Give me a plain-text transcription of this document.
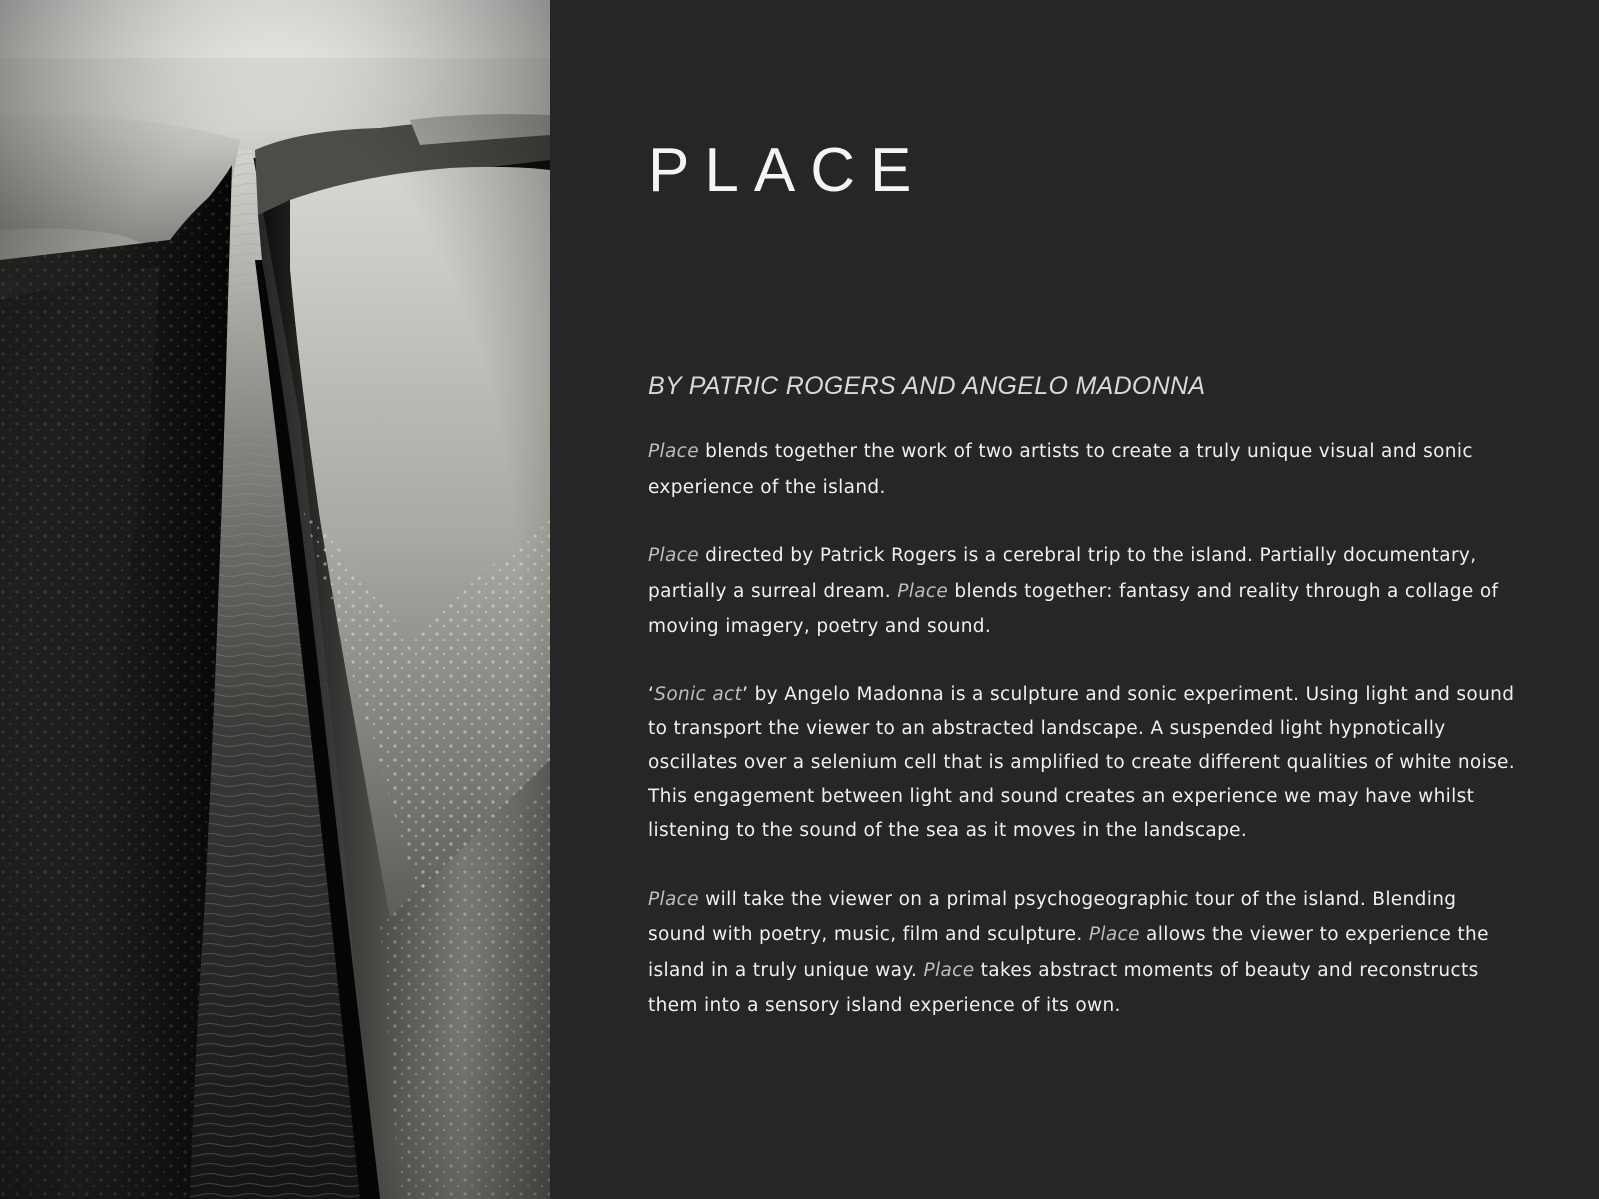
PLACE
BY PATRIC ROGERS AND ANGELO MADONNA

Place blends together the work of two artists to create a truly unique visual and sonic experience of the island.

Place directed by Patrick Rogers is a cerebral trip to the island. Partially documentary, partially a surreal dream. Place blends together: fantasy and reality through a collage of moving imagery, poetry and sound.

‘Sonic act’ by Angelo Madonna is a sculpture and sonic experiment. Using light and sound to transport the viewer to an abstracted landscape. A suspended light hypnotically oscillates over a selenium cell that is amplified to create different qualities of white noise. This engagement between light and sound creates an experience we may have whilst listening to the sound of the sea as it moves in the landscape.

Place will take the viewer on a primal psychogeographic tour of the island. Blending sound with poetry, music, film and sculpture. Place allows the viewer to experience the island in a truly unique way. Place takes abstract moments of beauty and reconstructs them into a sensory island experience of its own.
